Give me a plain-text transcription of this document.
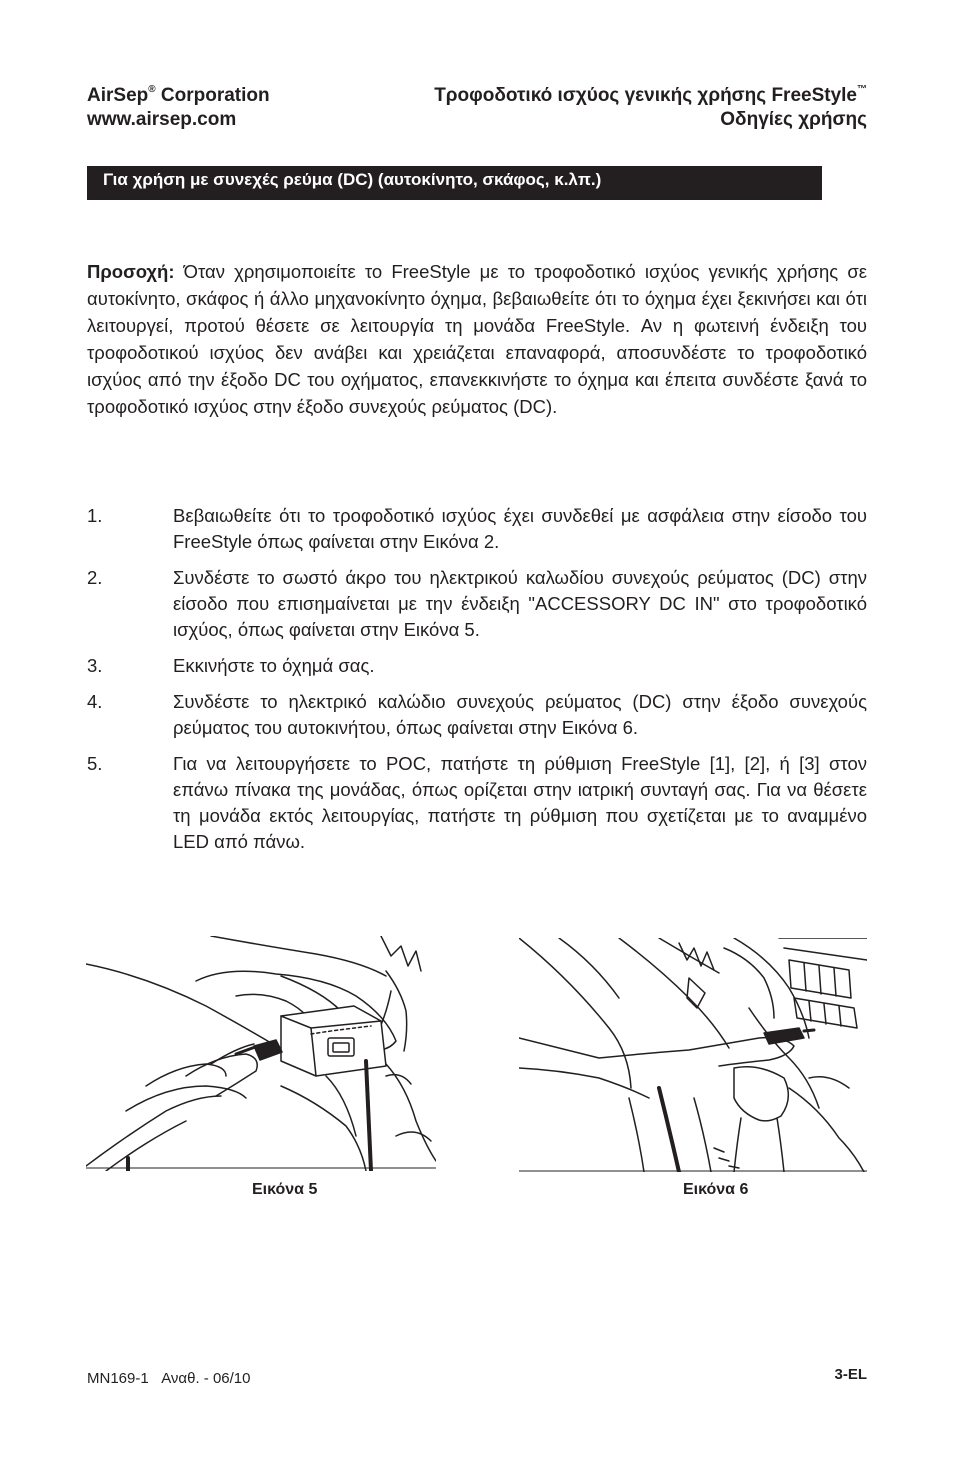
AirSep® Corporation
www.airsep.com
Τροφοδοτικό ισχύος γενικής χρήσης FreeStyle™
Οδηγίες χρήσης
Για χρήση με συνεχές ρεύμα (DC) (αυτοκίνητο, σκάφος, κ.λπ.)

Προσοχή: Όταν χρησιμοποιείτε το FreeStyle με το τροφοδοτικό ισχύος γενικής χρήσης σε αυτοκίνητο, σκάφος ή άλλο μηχανοκίνητο όχημα, βεβαιωθείτε ότι το όχημα έχει ξεκινήσει και ότι λειτουργεί, προτού θέσετε σε λειτουργία τη μονάδα FreeStyle. Αν η φωτεινή ένδειξη του τροφοδοτικού ισχύος δεν ανάβει και χρειάζεται επαναφορά, αποσυνδέστε το τροφοδοτικό ισχύος από την έξοδο DC του οχήματος, επανεκκινήστε το όχημα και έπειτα συνδέστε ξανά το τροφοδοτικό ισχύος στην έξοδο συνεχούς ρεύματος (DC).

1.	Βεβαιωθείτε ότι το τροφοδοτικό ισχύος έχει συνδεθεί με ασφάλεια στην είσοδο του FreeStyle όπως φαίνεται στην Εικόνα 2.
2.	Συνδέστε το σωστό άκρο του ηλεκτρικού καλωδίου συνεχούς ρεύματος (DC) στην είσοδο που επισημαίνεται με την ένδειξη "ACCESSORY DC IN" στο τροφοδοτικό ισχύος, όπως φαίνεται στην Εικόνα 5.
3.	Εκκινήστε το όχημά σας.
4.	Συνδέστε το ηλεκτρικό καλώδιο συνεχούς ρεύματος (DC) στην έξοδο συνεχούς ρεύματος του αυτοκινήτου, όπως φαίνεται στην Εικόνα 6.
5.	Για να λειτουργήσετε το POC, πατήστε τη ρύθμιση FreeStyle [1], [2], ή [3] στον επάνω πίνακα της μονάδας, όπως ορίζεται στην ιατρική συνταγή σας. Για να θέσετε τη μονάδα εκτός λειτουργίας, πατήστε τη ρύθμιση που σχετίζεται με το αναμμένο LED από πάνω.
Εικόνα 5	Εικόνα 6
MN169-1   Αναθ. - 06/10	3-EL
